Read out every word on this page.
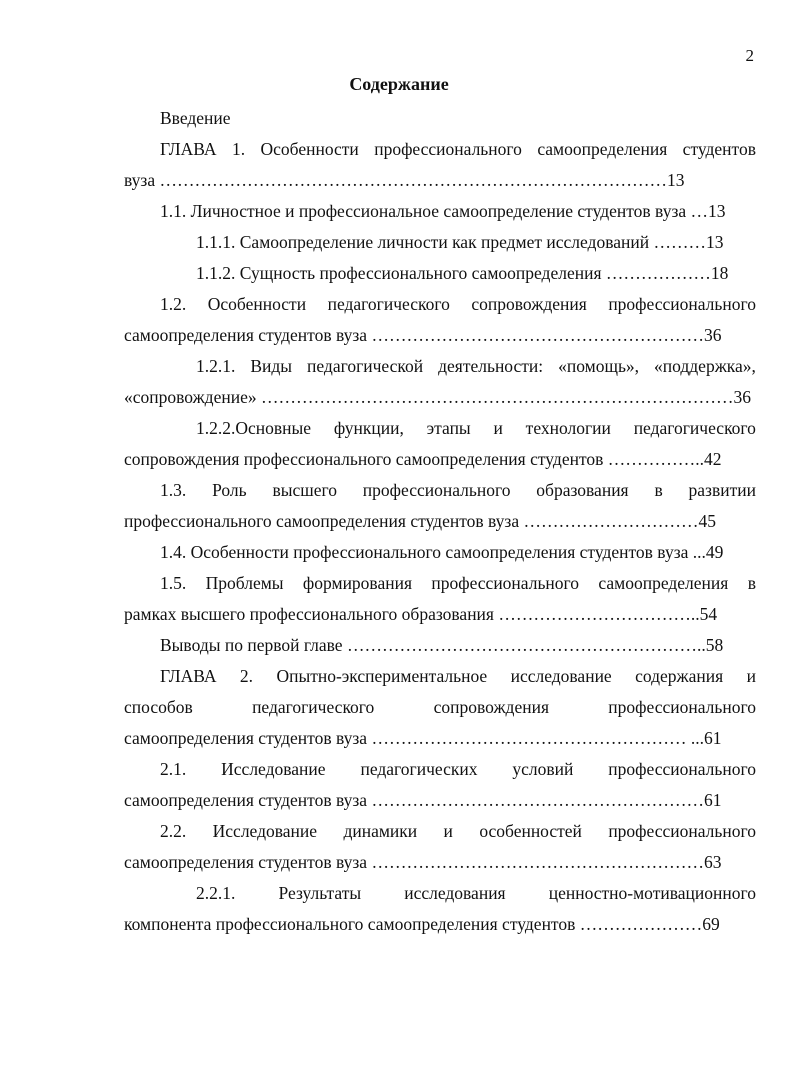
2
Содержание
Введение
ГЛАВА 1. Особенности профессионального самоопределения студентов
вуза ……………………………………………………………………………13
1.1. Личностное и профессиональное самоопределение студентов вуза …13
1.1.1. Самоопределение личности как предмет исследований ………13
1.1.2. Сущность профессионального самоопределения ………………18
1.2. Особенности педагогического сопровождения профессионального
самоопределения студентов вуза …………………………………………………36
1.2.1. Виды педагогической деятельности: «помощь», «поддержка»,
«сопровождение» ………………………………………………………………………36
1.2.2.Основные функции, этапы и технологии педагогического
сопровождения профессионального самоопределения студентов ……………..42
1.3. Роль высшего профессионального образования в развитии
профессионального самоопределения студентов вуза …………………………45
1.4. Особенности профессионального самоопределения студентов вуза ...49
1.5. Проблемы формирования профессионального самоопределения в
рамках высшего профессионального образования ……………………………..54
Выводы по первой главе ……………………………………………………..58
ГЛАВА 2. Опытно-экспериментальное исследование содержания и
способов	педагогического	сопровождения	профессионального
самоопределения студентов вуза ……………………………………………… ...61
2.1. Исследование педагогических условий профессионального
самоопределения студентов вуза …………………………………………………61
2.2. Исследование динамики и особенностей профессионального
самоопределения студентов вуза …………………………………………………63
2.2.1. Результаты исследования ценностно-мотивационного
компонента профессионального самоопределения студентов …………………69
